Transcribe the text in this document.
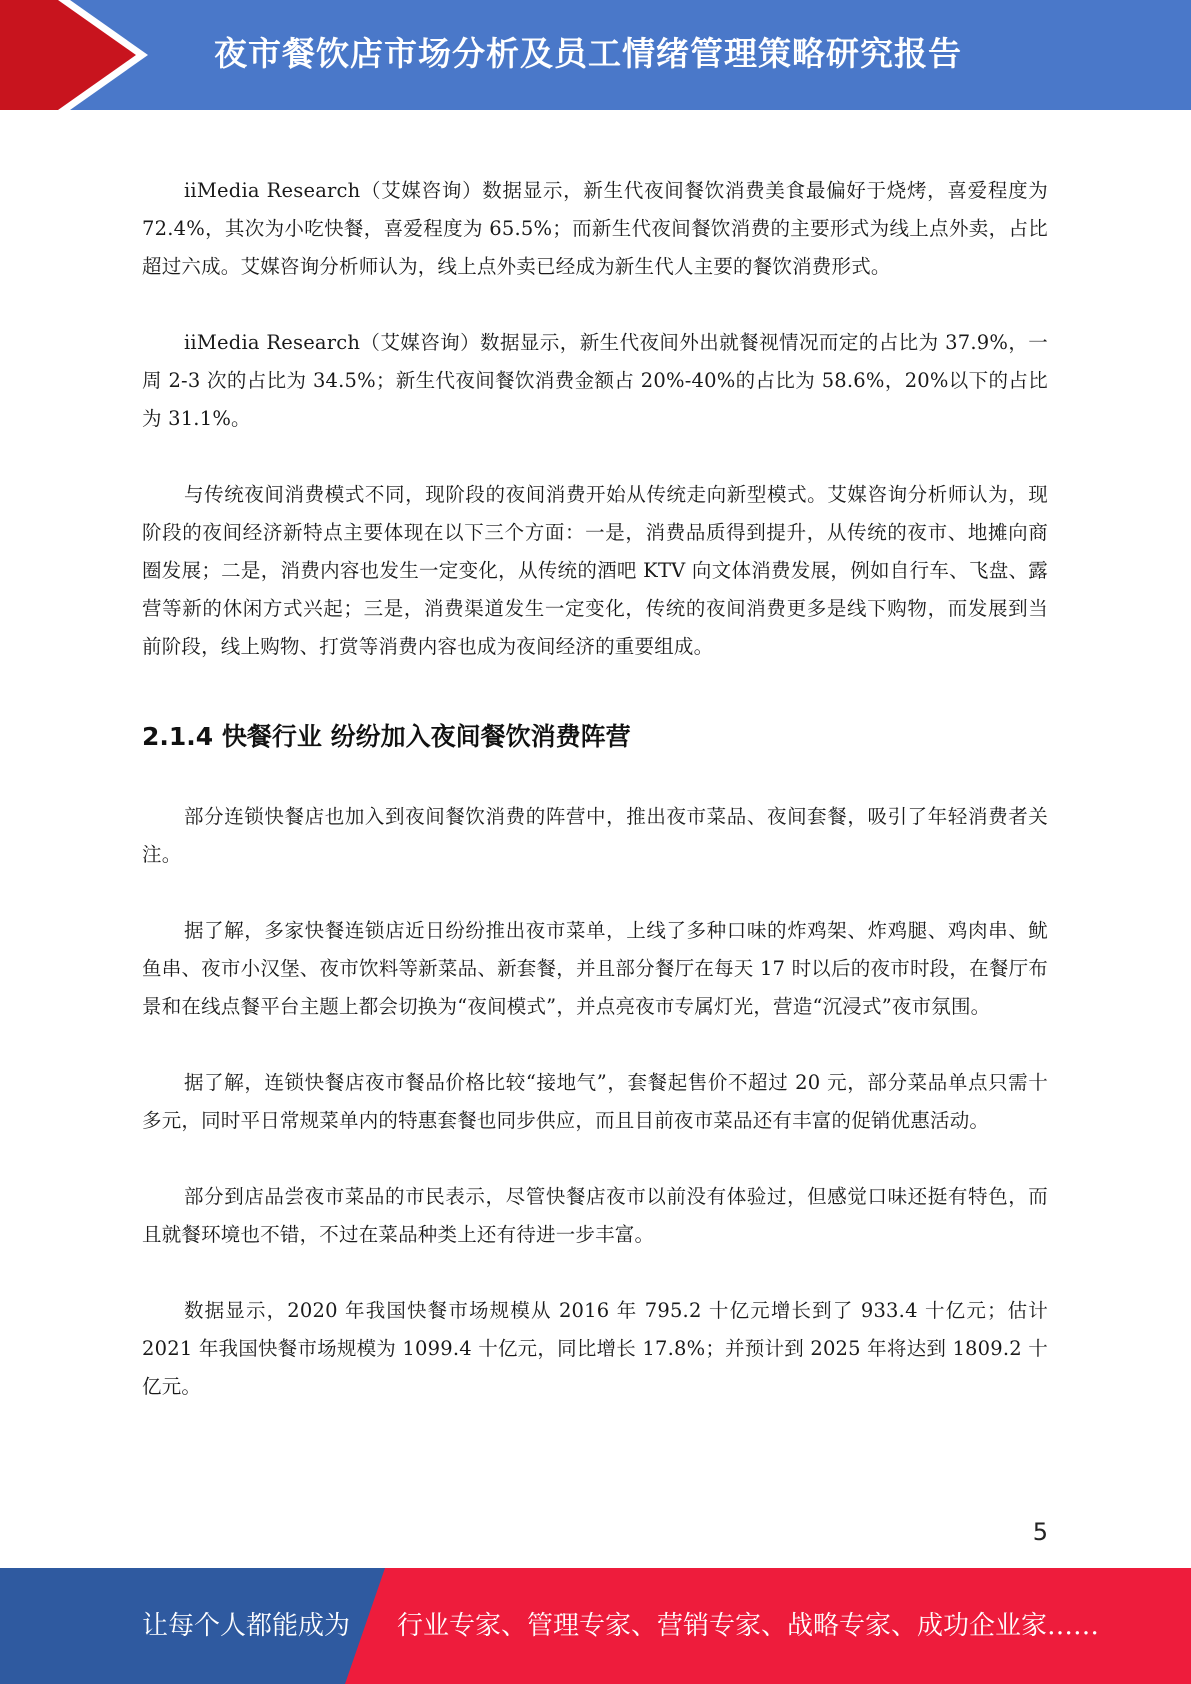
夜市餐饮店市场分析及员工情绪管理策略研究报告

iiMedia Research（艾媒咨询）数据显示，新生代夜间餐饮消费美食最偏好于烧烤，喜爱程度为 72.4%，其次为小吃快餐，喜爱程度为 65.5%；而新生代夜间餐饮消费的主要形式为线上点外卖，占比超过六成。艾媒咨询分析师认为，线上点外卖已经成为新生代人主要的餐饮消费形式。

iiMedia Research（艾媒咨询）数据显示，新生代夜间外出就餐视情况而定的占比为 37.9%，一周 2-3 次的占比为 34.5%；新生代夜间餐饮消费金额占 20%-40%的占比为 58.6%，20%以下的占比为 31.1%。

与传统夜间消费模式不同，现阶段的夜间消费开始从传统走向新型模式。艾媒咨询分析师认为，现阶段的夜间经济新特点主要体现在以下三个方面：一是，消费品质得到提升，从传统的夜市、地摊向商圈发展；二是，消费内容也发生一定变化，从传统的酒吧 KTV 向文体消费发展，例如自行车、飞盘、露营等新的休闲方式兴起；三是，消费渠道发生一定变化，传统的夜间消费更多是线下购物，而发展到当前阶段，线上购物、打赏等消费内容也成为夜间经济的重要组成。

2.1.4 快餐行业 纷纷加入夜间餐饮消费阵营

部分连锁快餐店也加入到夜间餐饮消费的阵营中，推出夜市菜品、夜间套餐，吸引了年轻消费者关注。

据了解，多家快餐连锁店近日纷纷推出夜市菜单，上线了多种口味的炸鸡架、炸鸡腿、鸡肉串、鱿鱼串、夜市小汉堡、夜市饮料等新菜品、新套餐，并且部分餐厅在每天 17 时以后的夜市时段，在餐厅布景和在线点餐平台主题上都会切换为“夜间模式”，并点亮夜市专属灯光，营造“沉浸式”夜市氛围。

据了解，连锁快餐店夜市餐品价格比较“接地气”，套餐起售价不超过 20 元，部分菜品单点只需十多元，同时平日常规菜单内的特惠套餐也同步供应，而且目前夜市菜品还有丰富的促销优惠活动。

部分到店品尝夜市菜品的市民表示，尽管快餐店夜市以前没有体验过，但感觉口味还挺有特色，而且就餐环境也不错，不过在菜品种类上还有待进一步丰富。

数据显示，2020 年我国快餐市场规模从 2016 年 795.2 十亿元增长到了 933.4 十亿元；估计2021 年我国快餐市场规模为 1099.4 十亿元，同比增长 17.8%；并预计到 2025 年将达到 1809.2 十亿元。

5
让每个人都能成为 行业专家、管理专家、营销专家、战略专家、成功企业家……
